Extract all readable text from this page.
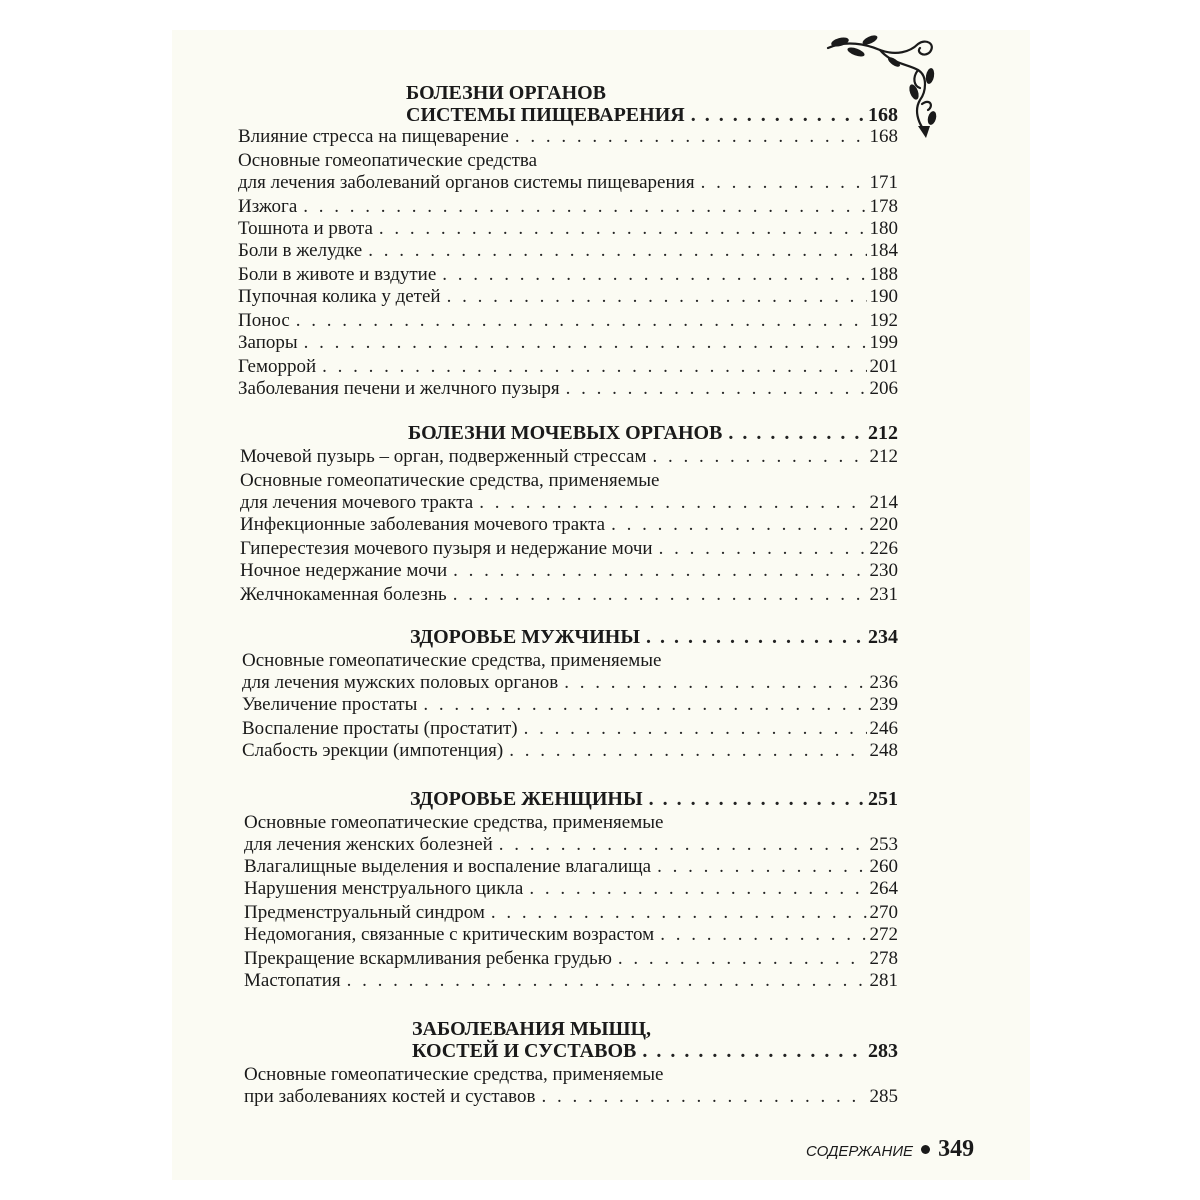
БОЛЕЗНИ ОРГАНОВ
СИСТЕМЫ ПИЩЕВАРЕНИЯ . . .	168
Влияние стресса на пищеварение . . .	168
Основные гомеопатические средства
для лечения заболеваний органов системы пищеварения . . .	171
Изжога . . .	178
Тошнота и рвота . . .	180
Боли в желудке . . .	184
Боли в животе и вздутие . . .	188
Пупочная колика у детей . . .	190
Понос . . .	192
Запоры . . .	199
Геморрой . . .	201
Заболевания печени и желчного пузыря . . .	206
БОЛЕЗНИ МОЧЕВЫХ ОРГАНОВ . . .	212
Мочевой пузырь – орган, подверженный стрессам . . .	212
Основные гомеопатические средства, применяемые
для лечения мочевого тракта . . .	214
Инфекционные заболевания мочевого тракта . . .	220
Гиперестезия мочевого пузыря и недержание мочи . . .	226
Ночное недержание мочи . . .	230
Желчнокаменная болезнь . . .	231
ЗДОРОВЬЕ МУЖЧИНЫ . . .	234
Основные гомеопатические средства, применяемые
для лечения мужских половых органов . . .	236
Увеличение простаты . . .	239
Воспаление простаты (простатит) . . .	246
Слабость эрекции (импотенция) . . .	248
ЗДОРОВЬЕ ЖЕНЩИНЫ . . .	251
Основные гомеопатические средства, применяемые
для лечения женских болезней . . .	253
Влагалищные выделения и воспаление влагалища . . .	260
Нарушения менструального цикла . . .	264
Предменструальный синдром . . .	270
Недомогания, связанные с критическим возрастом . . .	272
Прекращение вскармливания ребенка грудью . . .	278
Мастопатия . . .	281
ЗАБОЛЕВАНИЯ МЫШЦ,
КОСТЕЙ И СУСТАВОВ . . .	283
Основные гомеопатические средства, применяемые
при заболеваниях костей и суставов . . .	285
СОДЕРЖАНИЕ 349
